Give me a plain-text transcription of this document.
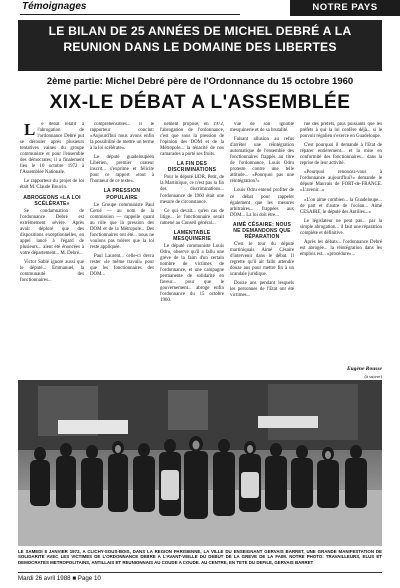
Témoignages	NOTRE PAYS
LE BILAN DE 25 ANNÉES DE MICHEL DEBRÉ A LA
REUNION DANS LE DOMAINE DES LIBERTES
2ème partie: Michel Debré père de l'Ordonnance du 15 octobre 1960
XIX-LE DÉBAT A L'ASSEMBLÉE

L e débat relatif à l'abrogation de l'ordonnance Debré put se dérouler après plusieurs tentatives vaines du groupe communiste et pour l'ensemble des démocrates; il a finalement lieu le 10 octobre 1972 à l'Assemblée Nationale.

Le rapporteur du projet de loi était M. Claude Bouvin.

ABROGEONS «LA LOI SCÉLÉRATE»

Se condamnation de l'ordonnance Debré est extrêmement sévère. Après avoir déploré que des dispositions exceptionnelles, en appel lancé à l'égard de plusieurs... aient été énoncées à votre département... M. Debré...

Victor Sablé ignore aussi que le député... Emmanuel, la communauté des fonctionnaires...

compréhensibles... Il le rapporteur conclut: «Aujourd'hui nous avons enfin la possibilité de mettre un terme à la loi scélérate».

Le député guadeloupéen Libérien, premier orateur inscrit... s'exprime et félicite pour ce rapport «tout à l'honneur de ce texte».

LA PRESSION POPULAIRE

Le Groupe communiste Paul Cerné — au nom de la commission — rappelle quant au rôle que la pression des DOM et de la Métropole... Des fonctionnaires ont été... nous ne voulons pas tolérer que la loi reste appliquée.

Paul Laurent... celle-ci devra rester «le même travail» pour que les fonctionnaires des DOM...

nement propose, en 1972, l'abrogation de l'ordonnance, c'est que sous la pression de l'opinion des DOM et de la Métropole... la ténacité de nos camarades a porté ses fruits.

LA FIN DES DISCRIMINATIONS

Pour le député UDR, Petit, de la Martinique, ce n'est pas la fin des discriminations... l'ordonnance de 1960 était une mesure de circonstance.

Ce qui devait... qu'en cas de litige... le fonctionnaire serait ramené au Conseil général...

LAMENTABLE MESQUINERIE

Le député communiste Louis Odru, observe qu'il a fallu une grève de la faim d'un certain nombre de victimes de l'ordonnance, et une campagne permanente de solidarité en faveur... pour que le gouvernement... abroge enfin l'ordonnance du 15 octobre 1960.

vue de son ignoble mesquinerie et de sa brutalité.

Faisant allusion au refus d'arrêter une réintégration automatique de l'ensemble des fonctionnaires frappés au titre de l'ordonnance, Louis Odru proteste contre une telle attitude... «Pourquoi pas une réintégration?»

Louis Odru entend profiter de ce débat pour rappeler également que les mesures arbitraires... frappées aux DOM... La loi doit être...

AIMÉ CÉSAIRE: NOUS NE DEMANDONS QUE RÉPARATION

C'est le tour du député martiniquais Aimé Césaire d'intervenir dans le débat. Il regrette qu'il ait fallu attendre douze ans pour mettre fin à un scandale juridique.

Douze ans pendant lesquels les personnes de l'Etat ont été victimes...

rue des préfets, plus puissants que les préfets à qui la loi confère déjà... si le pouvoir régalien s'exerce en Guadeloupe.

C'est pourquoi il demande à l'Etat de réparer entièrement... et la mise en conformité des fonctionnaires... dans la reprise de leur activité.

«Pourquoi renoncez-vous à l'ordonnance aujourd'hui?» demande le député Mauvais de FORT-de-FRANCE. «L'avenir...»

«L'on aime combien... la Guadeloupe... de part et d'autre de l'océan... Aimé CESAIRE, le député des Antilles...»

Le législateur ne peut pas... par la simple abrogation... il faut une réparation complète et définitive.

Après les débats... l'ordonnance Debré est abrogée... la réintégration dans les emplois est... «procédure»...

Eugène Rousse
(à suivre)
LE SAMEDI 8 JANVIER 1972, A CLICHY-SOUS-BOIS, DANS LA REGION PARISIENNE, LA VILLE DU ENSEIGNANT GERVAIS BARRET, UNE GRANDE MANIFESTATION DE SOLIDARITE AVEC LES VICTIMES DE L'ORDONNANCE DEBRE A L'AVANT-VEILLE DU DEBUT DE LA GREVE DE LA FAIM. NOTRE PHOTO: TRAVAILLEURS, ELUS ET DEMOCRATES METROPOLITAINS, ANTILLAIS ET REUNIONNAIS AU COUDE A COUDE. AU CENTRE, EN TETE DU DEFILE, GERVAIS BARRET
Mardi 26 avril 1988 ■ Page 10
